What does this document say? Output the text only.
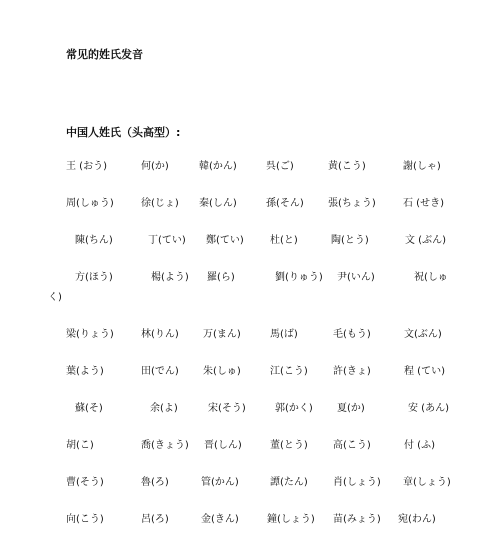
常见的姓氏发音
中国人姓氏（头高型）:
王 (おう)	何(か)	韓(かん)	呉(ご)	黄(こう)	謝(しゃ)
周(しゅう)	徐(じょ) 秦(しん)	孫(そん) 張(ちょう)	石 (せき)
陳(ちん)	丁(てい) 鄭(てい)	杜(と)	陶(とう)	文 (ぶん)
方(ほう)	楊(よう) 羅(ら)	劉(りゅう) 尹(いん)	祝(しゅ
く)
梁(りょう)	林(りん) 万(まん)	馬(ば)	毛(もう)	文(ぶん)
葉(よう)	田(でん) 朱(しゅ)	江(こう)	許(きょ)	程 (てい)
蘇(そ)	余(よ)	宋(そう)	郭(かく) 夏(か)	安 (あん)
胡(こ)	喬(きょう) 晋(しん)	董(とう)	高(こう)	付 (ふ)
曹(そう)	魯(ろ)	管(かん)	譚(たん)	肖(しょう) 章(しょう)
向(こう)	呂(ろ)	金(きん)	鐘(しょう) 苗(みょう) 宛(わん)
